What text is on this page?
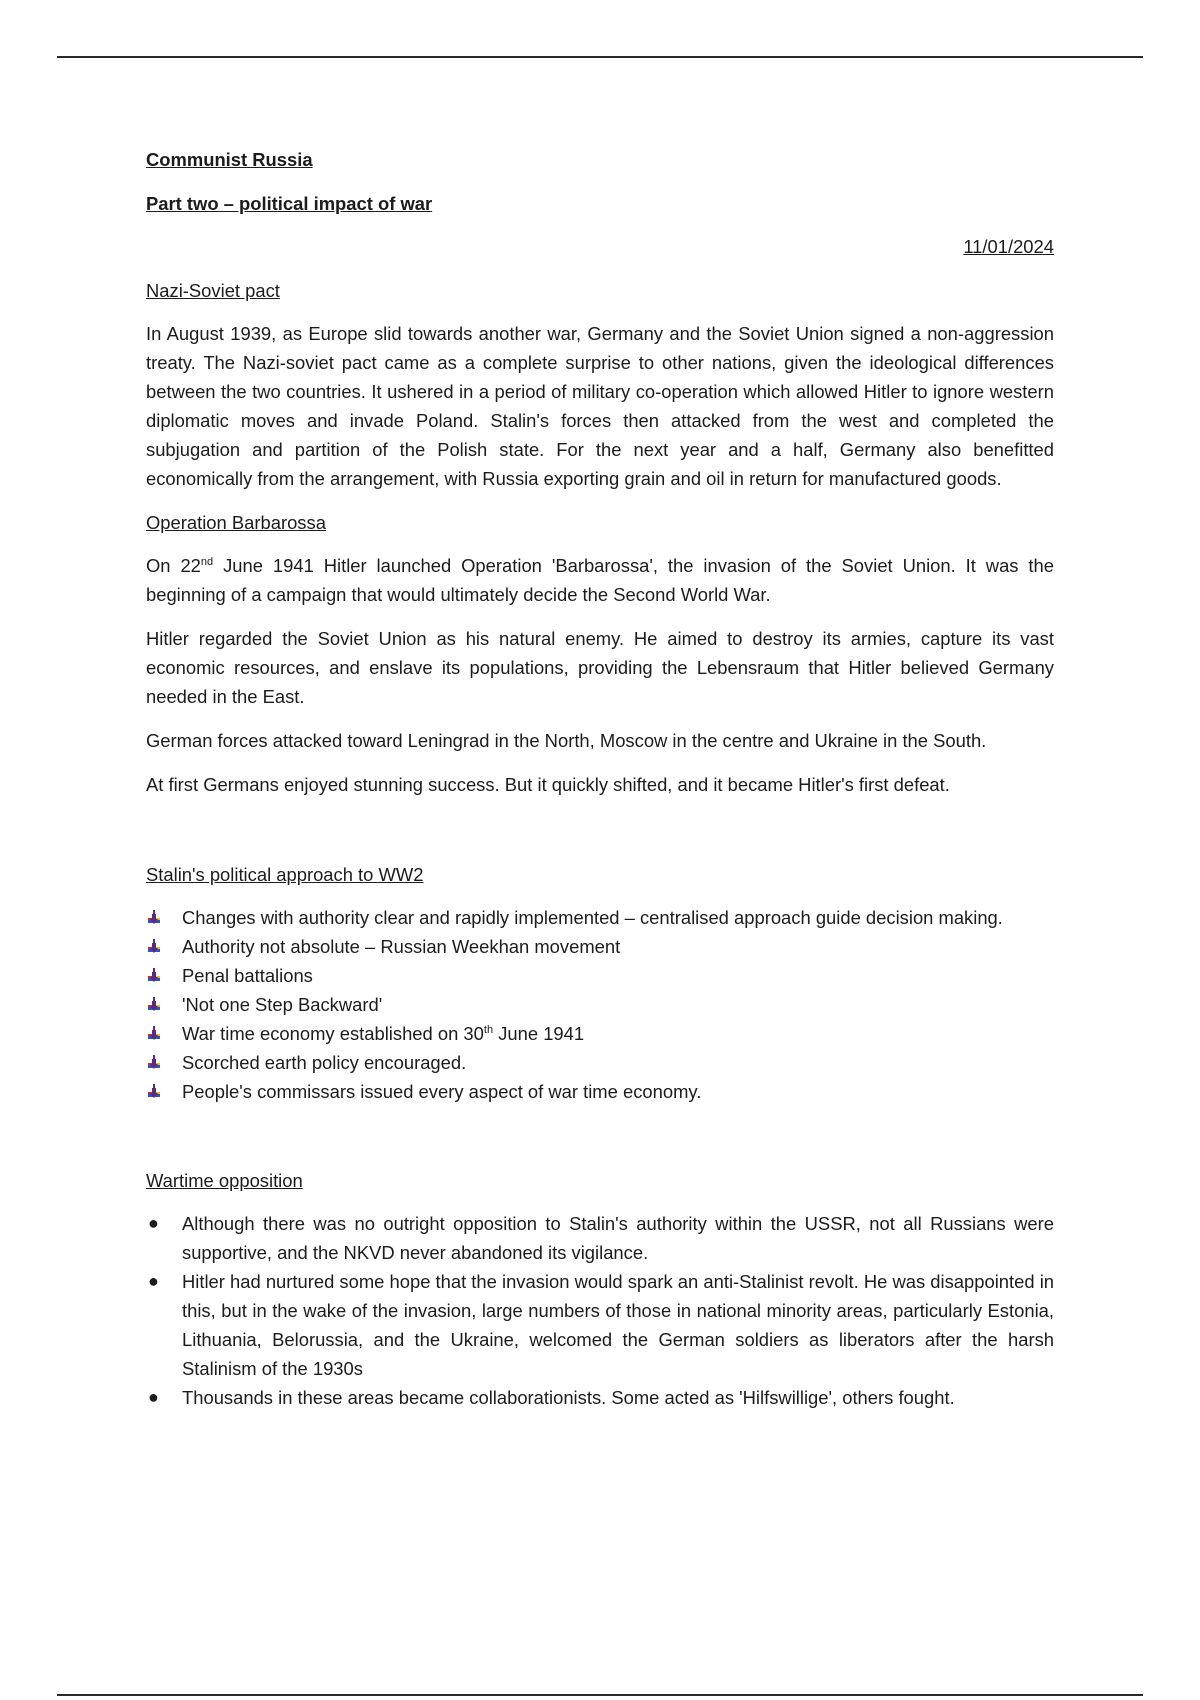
Communist Russia

Part two – political impact of war

11/01/2024

Nazi-Soviet pact

In August 1939, as Europe slid towards another war, Germany and the Soviet Union signed a non-aggression treaty. The Nazi-soviet pact came as a complete surprise to other nations, given the ideological differences between the two countries. It ushered in a period of military co-operation which allowed Hitler to ignore western diplomatic moves and invade Poland. Stalin's forces then attacked from the west and completed the subjugation and partition of the Polish state. For the next year and a half, Germany also benefitted economically from the arrangement, with Russia exporting grain and oil in return for manufactured goods.

Operation Barbarossa

On 22nd June 1941 Hitler launched Operation 'Barbarossa', the invasion of the Soviet Union. It was the beginning of a campaign that would ultimately decide the Second World War.

Hitler regarded the Soviet Union as his natural enemy. He aimed to destroy its armies, capture its vast economic resources, and enslave its populations, providing the Lebensraum that Hitler believed Germany needed in the East.

German forces attacked toward Leningrad in the North, Moscow in the centre and Ukraine in the South.

At first Germans enjoyed stunning success. But it quickly shifted, and it became Hitler's first defeat.

Stalin's political approach to WW2

Changes with authority clear and rapidly implemented – centralised approach guide decision making.
Authority not absolute – Russian Weekhan movement
Penal battalions
'Not one Step Backward'
War time economy established on 30th June 1941
Scorched earth policy encouraged.
People's commissars issued every aspect of war time economy.

Wartime opposition

● Although there was no outright opposition to Stalin's authority within the USSR, not all Russians were supportive, and the NKVD never abandoned its vigilance.
● Hitler had nurtured some hope that the invasion would spark an anti-Stalinist revolt. He was disappointed in this, but in the wake of the invasion, large numbers of those in national minority areas, particularly Estonia, Lithuania, Belorussia, and the Ukraine, welcomed the German soldiers as liberators after the harsh Stalinism of the 1930s
● Thousands in these areas became collaborationists. Some acted as 'Hilfswillige', others fought.
